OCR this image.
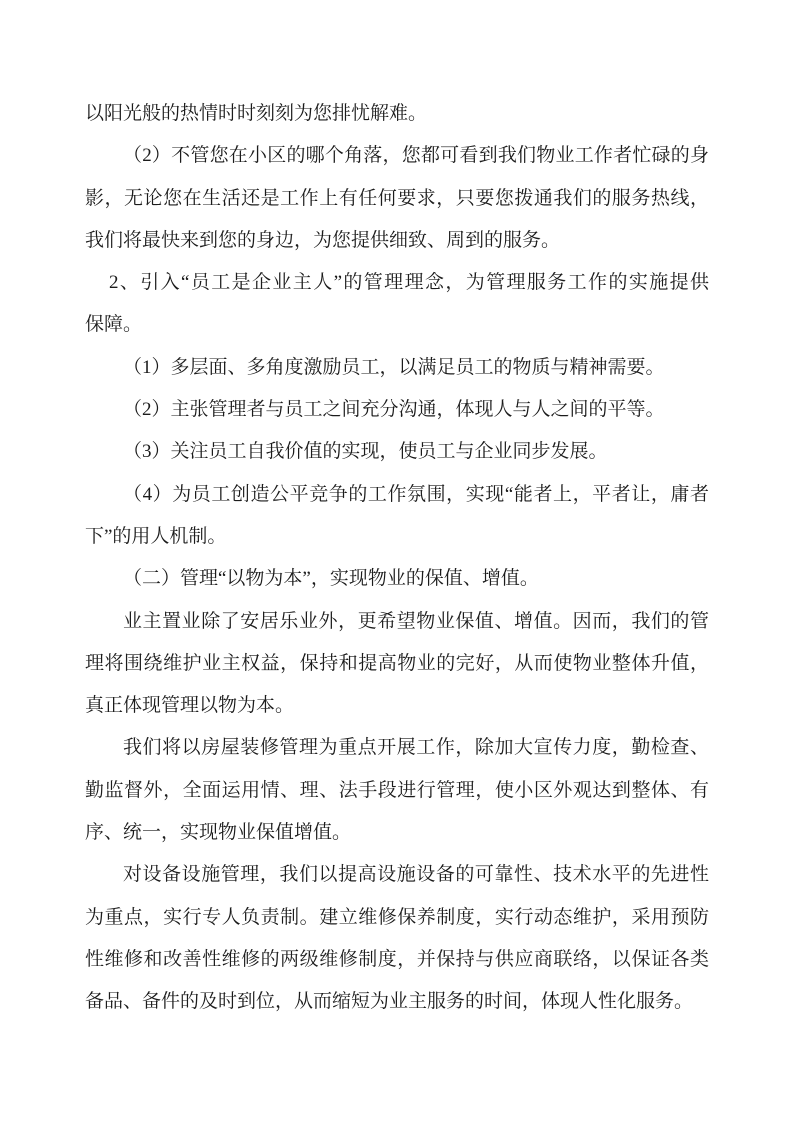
以阳光般的热情时时刻刻为您排忧解难。
（2）不管您在小区的哪个角落，您都可看到我们物业工作者忙碌的身
影，无论您在生活还是工作上有任何要求，只要您拨通我们的服务热线，
我们将最快来到您的身边，为您提供细致、周到的服务。
2、引入“员工是企业主人”的管理理念，为管理服务工作的实施提供
保障。
（1）多层面、多角度激励员工，以满足员工的物质与精神需要。
（2）主张管理者与员工之间充分沟通，体现人与人之间的平等。
（3）关注员工自我价值的实现，使员工与企业同步发展。
（4）为员工创造公平竞争的工作氛围，实现“能者上，平者让，庸者
下”的用人机制。
（二）管理“以物为本”，实现物业的保值、增值。
业主置业除了安居乐业外，更希望物业保值、增值。因而，我们的管
理将围绕维护业主权益，保持和提高物业的完好，从而使物业整体升值，
真正体现管理以物为本。
我们将以房屋装修管理为重点开展工作，除加大宣传力度，勤检查、
勤监督外，全面运用情、理、法手段进行管理，使小区外观达到整体、有
序、统一，实现物业保值增值。
对设备设施管理，我们以提高设施设备的可靠性、技术水平的先进性
为重点，实行专人负责制。建立维修保养制度，实行动态维护，采用预防
性维修和改善性维修的两级维修制度，并保持与供应商联络，以保证各类
备品、备件的及时到位，从而缩短为业主服务的时间，体现人性化服务。
